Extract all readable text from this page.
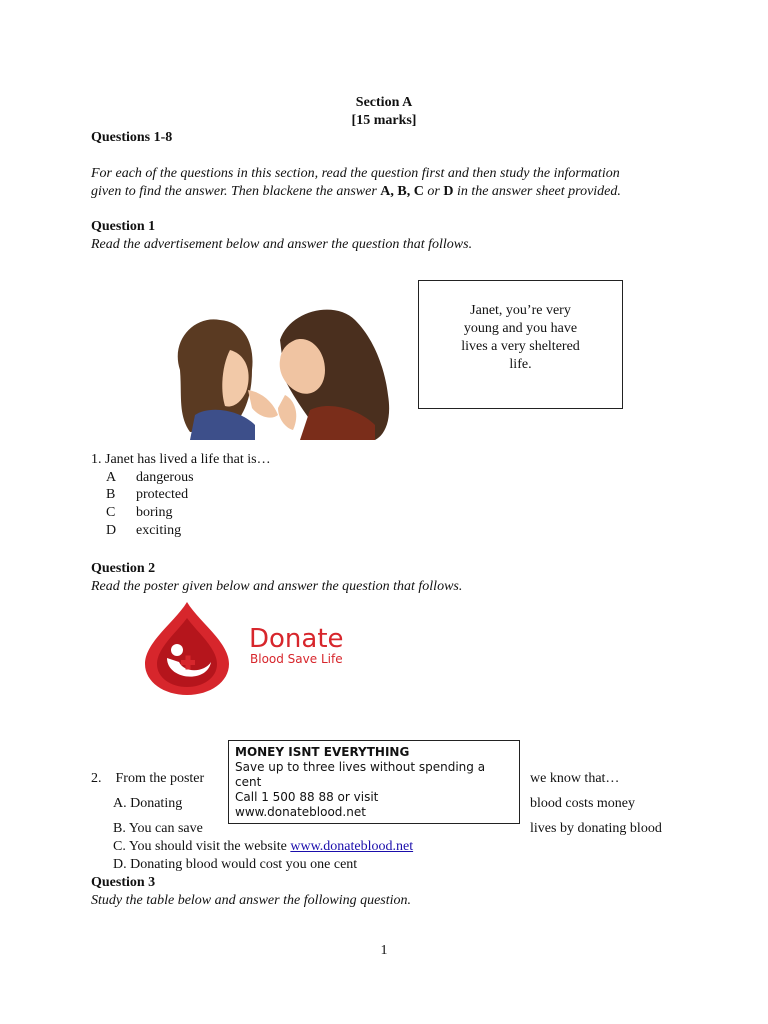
Section A
[15 marks]
Questions 1-8
For each of the questions in this section, read the question first and then study the information
given to find the answer. Then blackene the answer A, B, C or D in the answer sheet provided.
Question 1
Read the advertisement below and answer the question that follows.
Janet, you’re very
young and you have
lives a very sheltered
life.
1. Janet has lived a life that is…
A dangerous
B protected
C boring
D exciting
Question 2
Read the poster given below and answer the question that follows.
Donate
Blood Save Life
MONEY ISNT EVERYTHING
Save up to three lives without spending a
cent
Call 1 500 88 88 or visit
www.donateblood.net
2.    From the poster	we know that…
A. Donating	blood costs money
B. You can save	lives by donating blood
C. You should visit the website www.donateblood.net
D. Donating blood would cost you one cent
Question 3
Study the table below and answer the following question.
1
